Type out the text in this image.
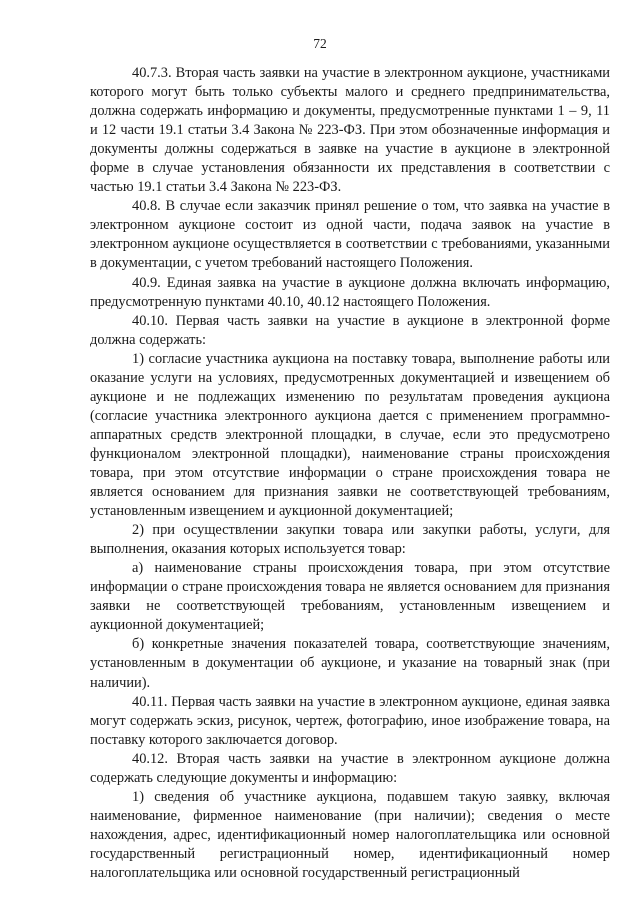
72

40.7.3. Вторая часть заявки на участие в электронном аукционе, участниками которого могут быть только субъекты малого и среднего предпринимательства, должна содержать информацию и документы, предусмотренные пунктами 1 – 9, 11 и 12 части 19.1 статьи 3.4 Закона № 223-ФЗ. При этом обозначенные информация и документы должны содержаться в заявке на участие в аукционе в электронной форме в случае установления обязанности их представления в соответствии с частью 19.1 статьи 3.4 Закона № 223-ФЗ.

40.8. В случае если заказчик принял решение о том, что заявка на участие в электронном аукционе состоит из одной части, подача заявок на участие в электронном аукционе осуществляется в соответствии с требованиями, указанными в документации, с учетом требований настоящего Положения.

40.9. Единая заявка на участие в аукционе должна включать информацию, предусмотренную пунктами 40.10, 40.12 настоящего Положения.

40.10. Первая часть заявки на участие в аукционе в электронной форме должна содержать:

1) согласие участника аукциона на поставку товара, выполнение работы или оказание услуги на условиях, предусмотренных документацией и извещением об аукционе и не подлежащих изменению по результатам проведения аукциона (согласие участника электронного аукциона дается с применением программно-аппаратных средств электронной площадки, в случае, если это предусмотрено функционалом электронной площадки), наименование страны происхождения товара, при этом отсутствие информации о стране происхождения товара не является основанием для признания заявки не соответствующей требованиям, установленным извещением и аукционной документацией;

2) при осуществлении закупки товара или закупки работы, услуги, для выполнения, оказания которых используется товар:

а) наименование страны происхождения товара, при этом отсутствие информации о стране происхождения товара не является основанием для признания заявки не соответствующей требованиям, установленным извещением и аукционной документацией;

б) конкретные значения показателей товара, соответствующие значениям, установленным в документации об аукционе, и указание на товарный знак (при наличии).

40.11. Первая часть заявки на участие в электронном аукционе, единая заявка могут содержать эскиз, рисунок, чертеж, фотографию, иное изображение товара, на поставку которого заключается договор.

40.12. Вторая часть заявки на участие в электронном аукционе должна содержать следующие документы и информацию:

1) сведения об участнике аукциона, подавшем такую заявку, включая наименование, фирменное наименование (при наличии); сведения о месте нахождения, адрес, идентификационный номер налогоплательщика или основной государственный регистрационный номер, идентификационный номер налогоплательщика или основной государственный регистрационный
